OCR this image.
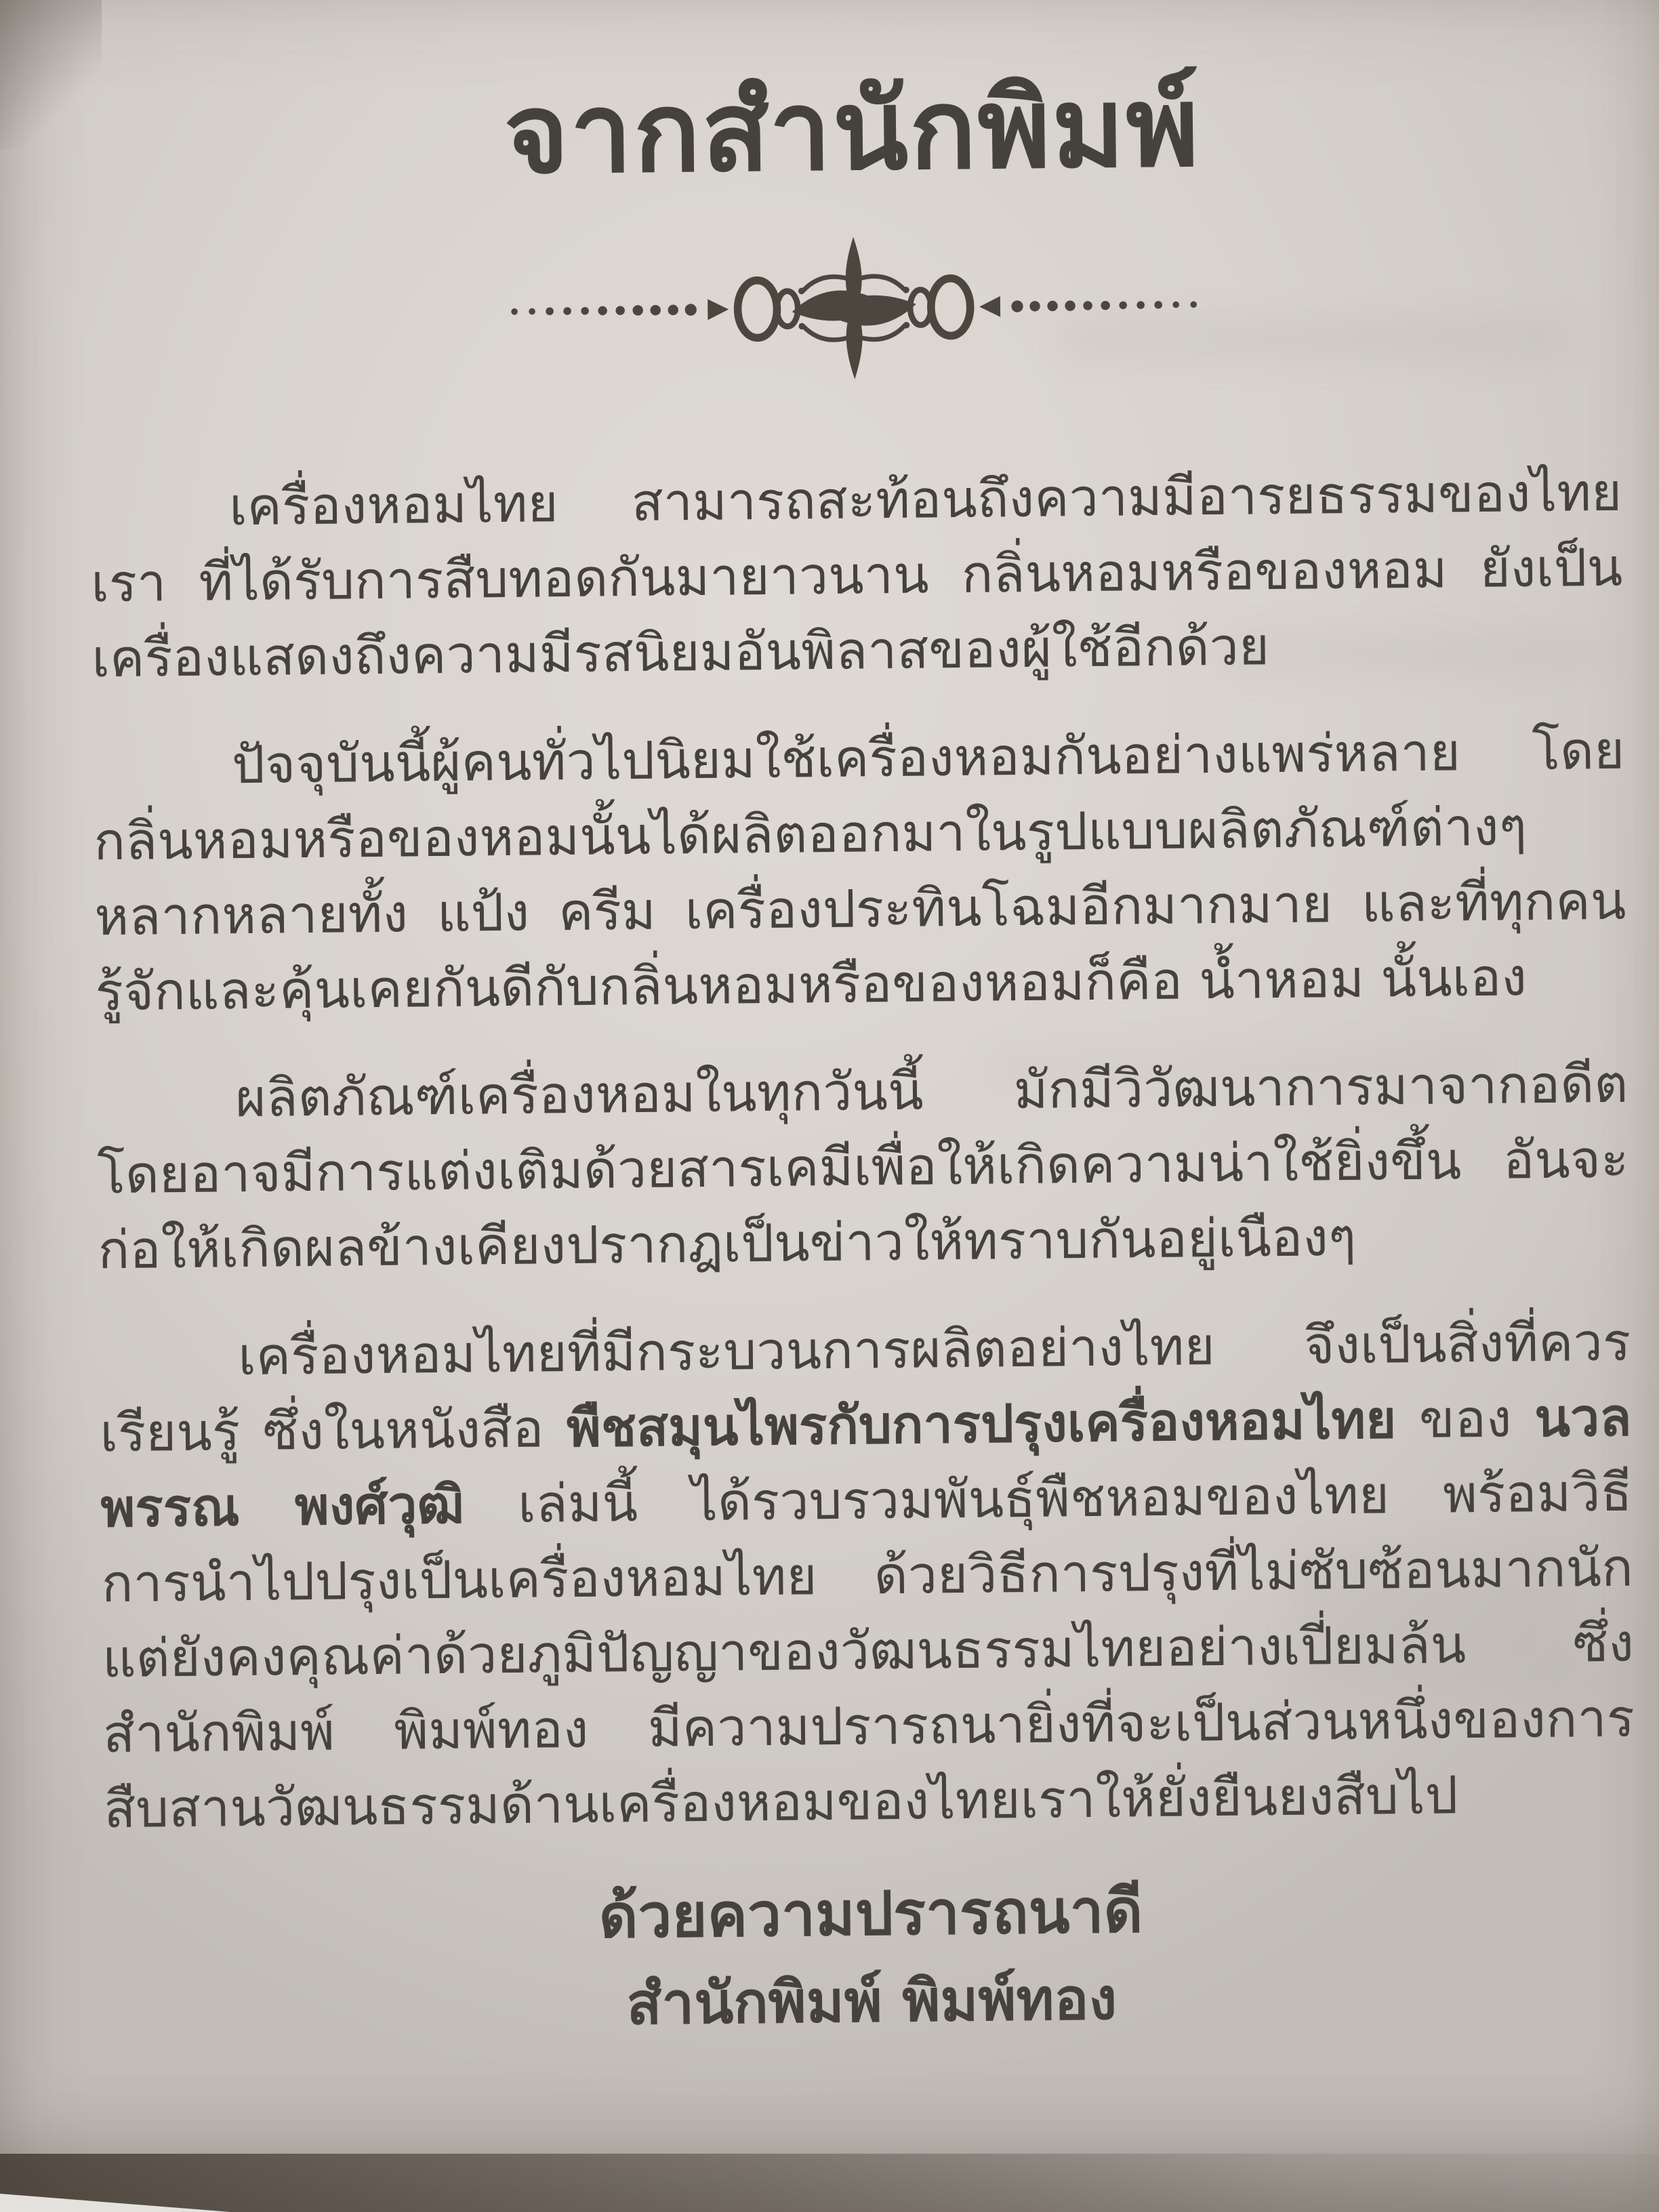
จากสำนักพิมพ์

เครื่องหอมไทย สามารถสะท้อนถึงความมีอารยธรรมของไทยเรา ที่ได้รับการสืบทอดกันมายาวนาน กลิ่นหอมหรือของหอม ยังเป็นเครื่องแสดงถึงความมีรสนิยมอันพิลาสของผู้ใช้อีกด้วย

ปัจจุบันนี้ผู้คนทั่วไปนิยมใช้เครื่องหอมกันอย่างแพร่หลาย โดยกลิ่นหอมหรือของหอมนั้นได้ผลิตออกมาในรูปแบบผลิตภัณฑ์ต่างๆ หลากหลายทั้ง แป้ง ครีม เครื่องประทินโฉมอีกมากมาย และที่ทุกคนรู้จักและคุ้นเคยกันดีกับกลิ่นหอมหรือของหอมก็คือ น้ำหอม นั้นเอง

ผลิตภัณฑ์เครื่องหอมในทุกวันนี้ มักมีวิวัฒนาการมาจากอดีต โดยอาจมีการแต่งเติมด้วยสารเคมีเพื่อให้เกิดความน่าใช้ยิ่งขึ้น อันจะก่อให้เกิดผลข้างเคียงปรากฎเป็นข่าวให้ทราบกันอยู่เนืองๆ

เครื่องหอมไทยที่มีกระบวนการผลิตอย่างไทย จึงเป็นสิ่งที่ควรเรียนรู้ ซึ่งในหนังสือ พืชสมุนไพรกับการปรุงเครื่องหอมไทย ของ นวลพรรณ พงศ์วุฒิ เล่มนี้ ได้รวบรวมพันธุ์พืชหอมของไทย พร้อมวิธีการนำไปปรุงเป็นเครื่องหอมไทย ด้วยวิธีการปรุงที่ไม่ซับซ้อนมากนัก แต่ยังคงคุณค่าด้วยภูมิปัญญาของวัฒนธรรมไทยอย่างเปี่ยมล้น ซึ่งสำนักพิมพ์ พิมพ์ทอง มีความปรารถนายิ่งที่จะเป็นส่วนหนึ่งของการสืบสานวัฒนธรรมด้านเครื่องหอมของไทยเราให้ยั่งยืนยงสืบไป

ด้วยความปรารถนาดี
สำนักพิมพ์ พิมพ์ทอง
